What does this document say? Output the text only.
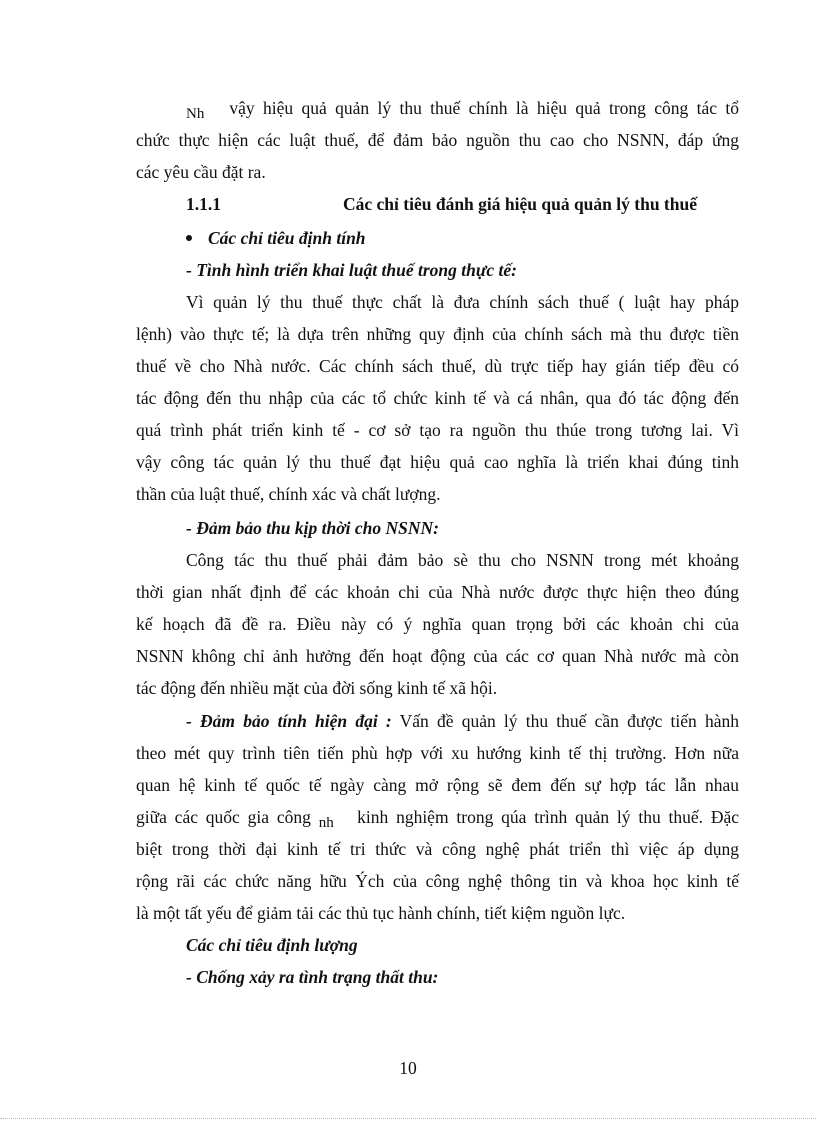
Nh vậy hiệu quả quản lý thu thuế chính là hiệu quả trong công tác tổ
chức thực hiện các luật thuế, để đảm bảo nguồn thu cao cho NSNN, đáp ứng
các yêu cầu đặt ra.
1.1.1	Các chỉ tiêu đánh giá hiệu quả quản lý thu thuế
Các chỉ tiêu định tính
- Tình hình triển khai luật thuế trong thực tế:
Vì quản lý thu thuế thực chất là đưa chính sách thuế ( luật hay pháp
lệnh) vào thực tế; là dựa trên những quy định của chính sách mà thu được tiền
thuế về cho Nhà nước. Các chính sách thuế, dù trực tiếp hay gián tiếp đều có
tác động đến thu nhập của các tổ chức kinh tế và cá nhân, qua đó tác động đến
quá trình phát triển kinh tế - cơ sở tạo ra nguồn thu thúe trong tương lai. Vì
vậy công tác quản lý thu thuế đạt hiệu quả cao nghĩa là triển khai đúng tinh
thần của luật thuế, chính xác và chất lượng.
- Đảm bảo thu kịp thời cho NSNN:
Công tác thu thuế phải đảm bảo sè thu cho NSNN trong mét khoảng
thời gian nhất định để các khoản chi của Nhà nước được thực hiện theo đúng
kế hoạch đã đề ra. Điều này có ý nghĩa quan trọng bởi các khoản chi của
NSNN không chỉ ảnh hưởng đến hoạt động của các cơ quan Nhà nước mà còn
tác động đến nhiều mặt của đời sống kinh tế xã hội.
- Đảm bảo tính hiện đại : Vấn đề quản lý thu thuế cần được tiến hành
theo mét quy trình tiên tiến phù hợp với xu hướng kinh tế thị trường. Hơn nữa
quan hệ kinh tế quốc tế ngày càng mở rộng sẽ đem đến sự hợp tác lẫn nhau
giữa các quốc gia công nh kinh nghiệm trong qúa trình quản lý thu thuế. Đặc
biệt trong thời đại kinh tế tri thức và công nghệ phát triển thì việc áp dụng
rộng rãi các chức năng hữu Ých của công nghệ thông tin và khoa học kinh tế
là một tất yếu để giảm tải các thủ tục hành chính, tiết kiệm nguồn lực.
Các chỉ tiêu định lượng
- Chống xảy ra tình trạng thất thu:
10
